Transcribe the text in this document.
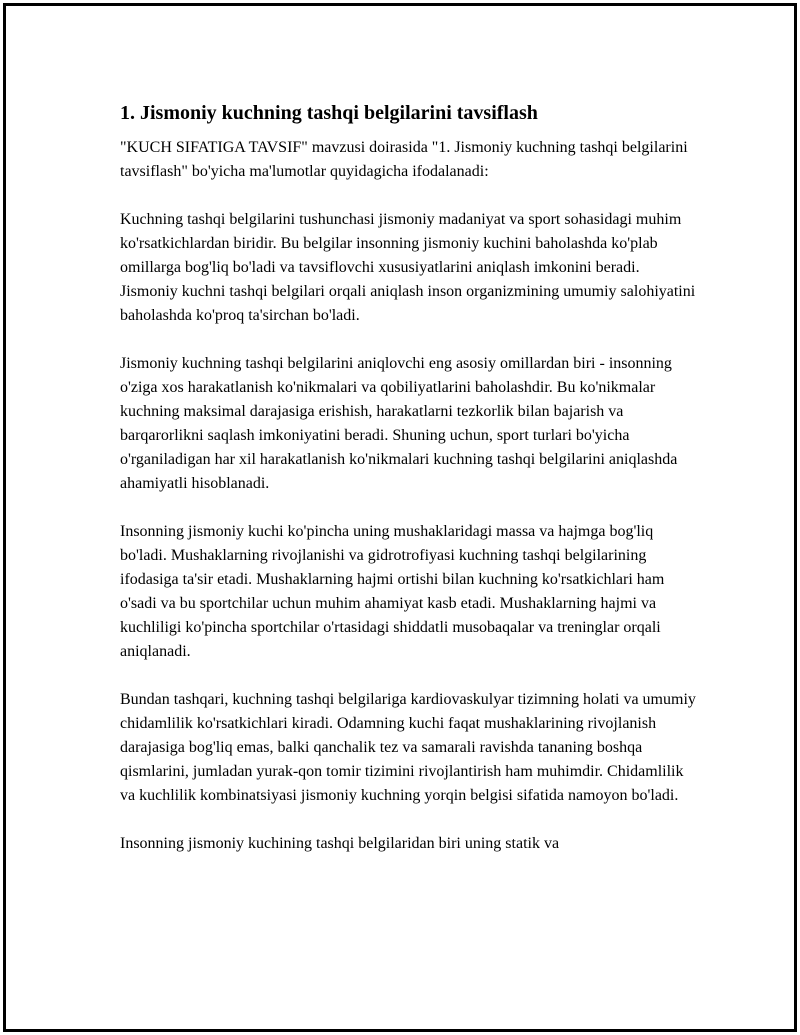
1. Jismoniy kuchning tashqi belgilarini tavsiflash

"KUCH SIFATIGA TAVSIF" mavzusi doirasida "1. Jismoniy kuchning tashqi belgilarini tavsiflash" bo'yicha ma'lumotlar quyidagicha ifodalanadi:

Kuchning tashqi belgilarini tushunchasi jismoniy madaniyat va sport sohasidagi muhim ko'rsatkichlardan biridir. Bu belgilar insonning jismoniy kuchini baholashda ko'plab omillarga bog'liq bo'ladi va tavsiflovchi xususiyatlarini aniqlash imkonini beradi. Jismoniy kuchni tashqi belgilari orqali aniqlash inson organizmining umumiy salohiyatini baholashda ko'proq ta'sirchan bo'ladi.

Jismoniy kuchning tashqi belgilarini aniqlovchi eng asosiy omillardan biri - insonning o'ziga xos harakatlanish ko'nikmalari va qobiliyatlarini baholashdir. Bu ko'nikmalar kuchning maksimal darajasiga erishish, harakatlarni tezkorlik bilan bajarish va barqarorlikni saqlash imkoniyatini beradi. Shuning uchun, sport turlari bo'yicha o'rganiladigan har xil harakatlanish ko'nikmalari kuchning tashqi belgilarini aniqlashda ahamiyatli hisoblanadi.

Insonning jismoniy kuchi ko'pincha uning mushaklaridagi massa va hajmga bog'liq bo'ladi. Mushaklarning rivojlanishi va gidrotrofiyasi kuchning tashqi belgilarining ifodasiga ta'sir etadi. Mushaklarning hajmi ortishi bilan kuchning ko'rsatkichlari ham o'sadi va bu sportchilar uchun muhim ahamiyat kasb etadi. Mushaklarning hajmi va kuchliligi ko'pincha sportchilar o'rtasidagi shiddatli musobaqalar va treninglar orqali aniqlanadi.

Bundan tashqari, kuchning tashqi belgilariga kardiovaskulyar tizimning holati va umumiy chidamlilik ko'rsatkichlari kiradi. Odamning kuchi faqat mushaklarining rivojlanish darajasiga bog'liq emas, balki qanchalik tez va samarali ravishda tananing boshqa qismlarini, jumladan yurak-qon tomir tizimini rivojlantirish ham muhimdir. Chidamlilik va kuchlilik kombinatsiyasi jismoniy kuchning yorqin belgisi sifatida namoyon bo'ladi.

Insonning jismoniy kuchining tashqi belgilaridan biri uning statik va
